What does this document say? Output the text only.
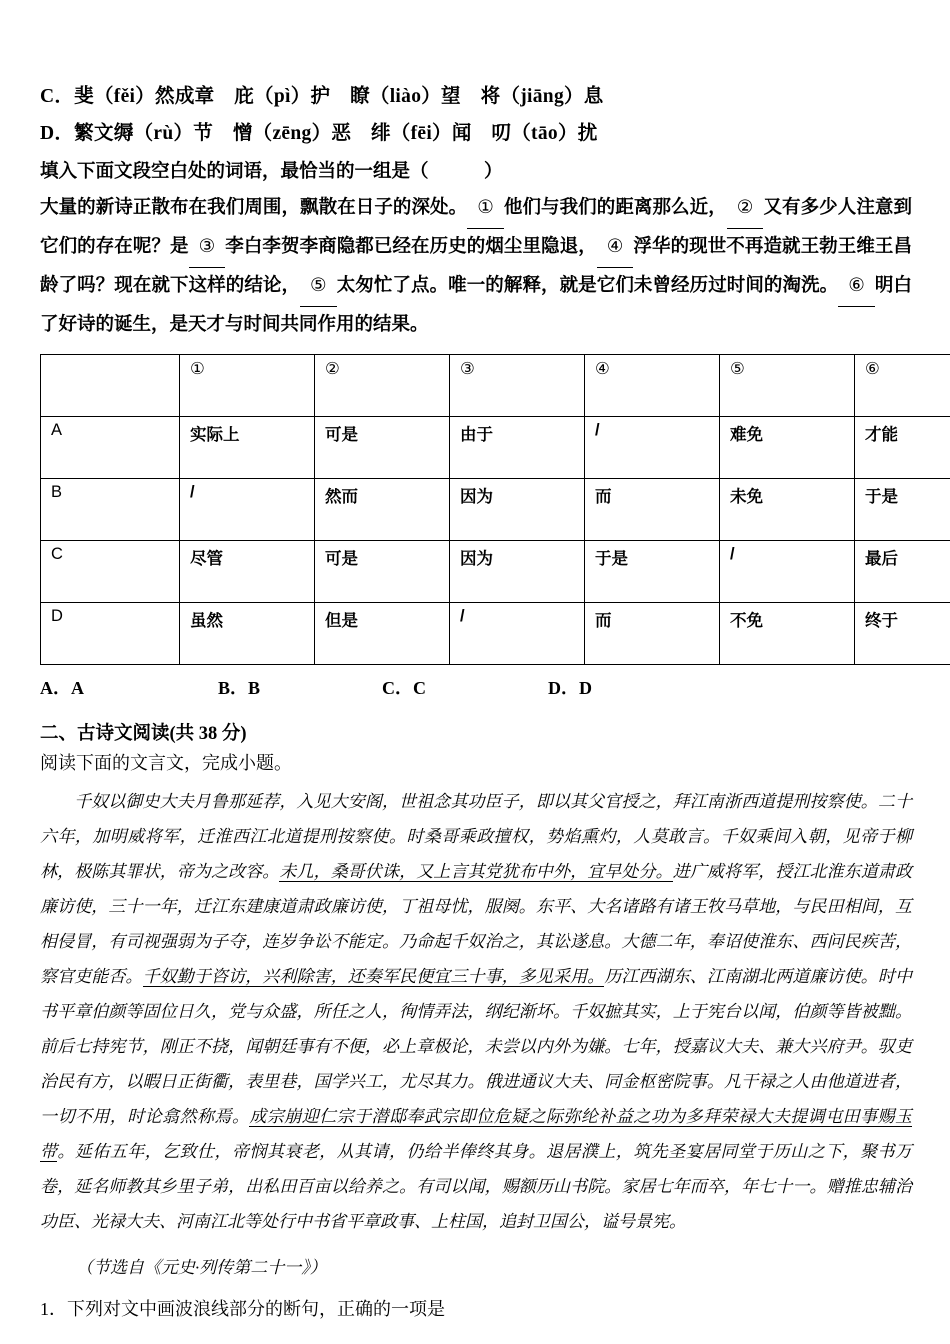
C．斐（fěi）然成章　庇（pì）护　瞭（liào）望　将（jiāng）息
D．繁文缛（rù）节　憎（zēng）恶　绯（fēi）闻　叨（tāo）扰
填入下面文段空白处的词语，最恰当的一组是（　　　）
大量的新诗正散布在我们周围，飘散在日子的深处。 ① 他们与我们的距离那么近， ② 又有多少人注意到它们的存在呢？是 ③ 李白李贺李商隐都已经在历史的烟尘里隐退， ④ 浮华的现世不再造就王勃王维王昌龄了吗？现在就下这样的结论， ⑤ 太匆忙了点。唯一的解释，就是它们未曾经历过时间的淘洗。 ⑥ 明白了好诗的诞生，是天才与时间共同作用的结果。
	①	②	③	④	⑤	⑥
A	实际上	可是	由于	/	难免	才能
B	/	然而	因为	而	未免	于是
C	尽管	可是	因为	于是	/	最后
D	虽然	但是	/	而	不免	终于
A．A	B．B	C．C	D．D
二、古诗文阅读(共 38 分)
阅读下面的文言文，完成小题。
千奴以御史大夫月鲁那延荐，入见大安阁，世祖念其功臣子，即以其父官授之，拜江南浙西道提刑按察使。二十六年，加明威将军，迁淮西江北道提刑按察使。时桑哥乘政擅权，势焰熏灼，人莫敢言。千奴乘间入朝，见帝于柳林，极陈其罪状，帝为之改容。未几，桑哥伏诛，又上言其党犹布中外，宜早处分。进广威将军，授江北淮东道肃政廉访使，三十一年，迁江东建康道肃政廉访使，丁祖母忧，服阕。东平、大名诸路有诸王牧马草地，与民田相间，互相侵冒，有司视强弱为子夺，连岁争讼不能定。乃命起千奴治之，其讼遂息。大德二年，奉诏使淮东、西问民疾苦，察官吏能否。千奴勤于咨访，兴利除害，还奏军民便宜三十事，多见采用。历江西湖东、江南湖北两道廉访使。时中书平章伯颜等固位日久，党与众盛，所任之人，徇情弄法，纲纪渐坏。千奴摭其实，上于宪台以闻，伯颜等皆被黜。前后七持宪节，刚正不挠，闻朝廷事有不便，必上章极论，未尝以内外为嫌。七年，授嘉议大夫、兼大兴府尹。驭吏治民有方，以暇日正街衢，表里巷，国学兴工，尤尽其力。俄进通议大夫、同金枢密院事。凡干禄之人由他道进者，一切不用，时论翕然称焉。成宗崩迎仁宗于潜邸奉武宗即位危疑之际弥纶补益之功为多拜荣禄大夫提调屯田事赐玉带。延佑五年，乞致仕，帝悯其衰老，从其请，仍给半俸终其身。退居濮上，筑先圣宴居同堂于历山之下，聚书万卷，延名师教其乡里子弟，出私田百亩以给养之。有司以闻，赐额历山书院。家居七年而卒，年七十一。赠推忠辅治功臣、光禄大夫、河南江北等处行中书省平章政事、上柱国，追封卫国公，谥号景宪。
（节选自《元史·列传第二十一》）
1．下列对文中画波浪线部分的断句，正确的一项是
